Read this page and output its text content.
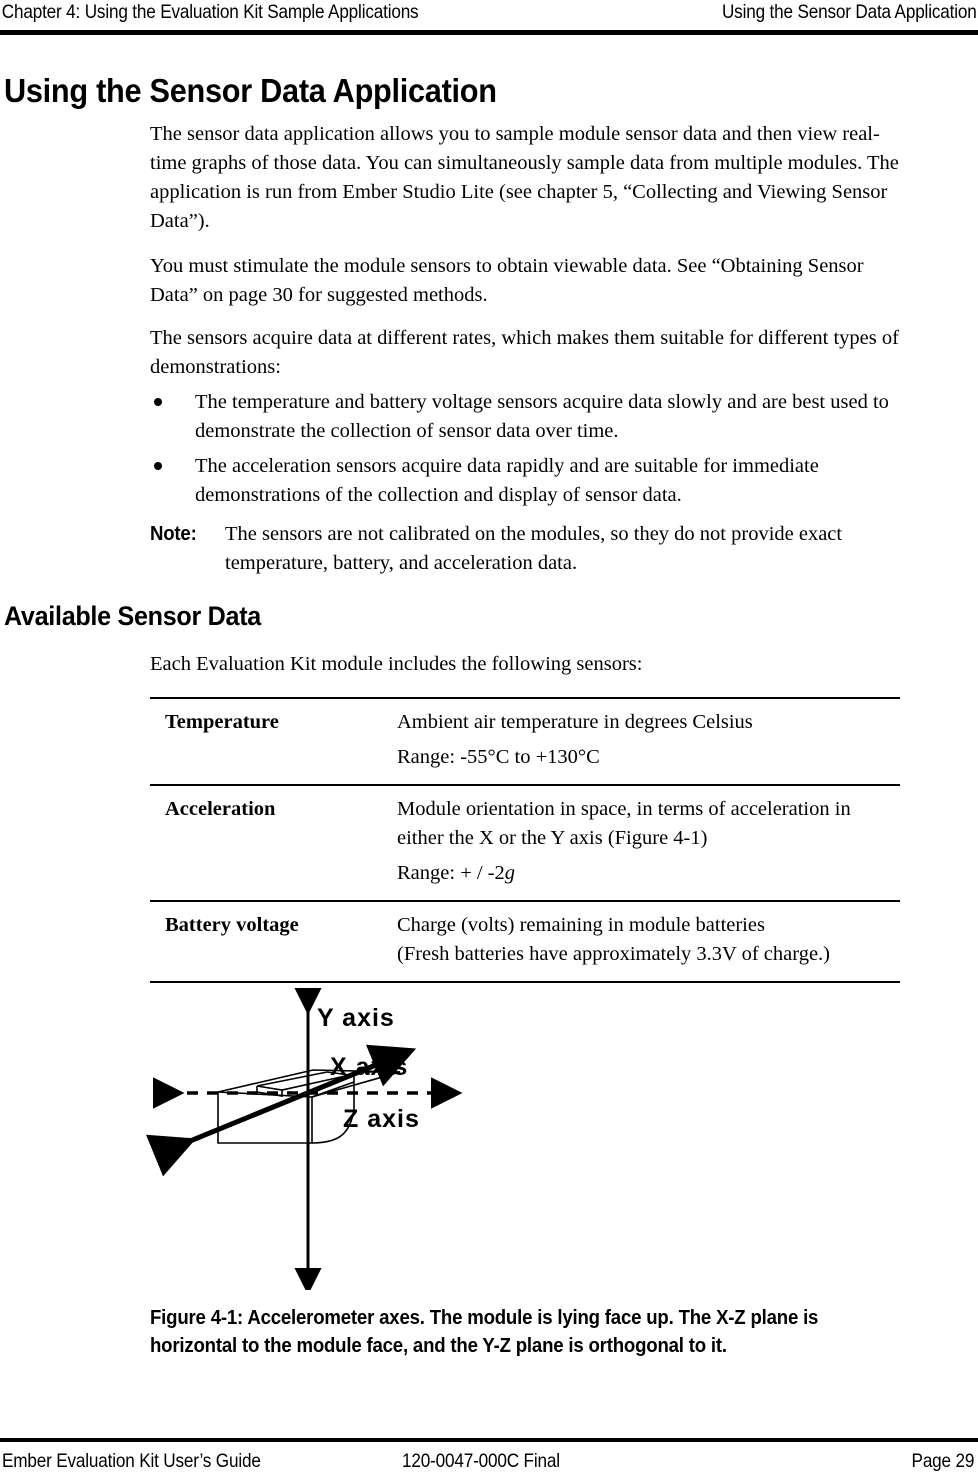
Chapter 4: Using the Evaluation Kit Sample Applications	Using the Sensor Data Application
Using the Sensor Data Application
The sensor data application allows you to sample module sensor data and then view real-time graphs of those data. You can simultaneously sample data from multiple modules. The application is run from Ember Studio Lite (see chapter 5, “Collecting and Viewing Sensor Data”).
You must stimulate the module sensors to obtain viewable data. See “Obtaining Sensor Data” on page 30 for suggested methods.
The sensors acquire data at different rates, which makes them suitable for different types of demonstrations:
The temperature and battery voltage sensors acquire data slowly and are best used to demonstrate the collection of sensor data over time.
The acceleration sensors acquire data rapidly and are suitable for immediate demonstrations of the collection and display of sensor data.
Note: The sensors are not calibrated on the modules, so they do not provide exact temperature, battery, and acceleration data.
Available Sensor Data
Each Evaluation Kit module includes the following sensors:
Temperature	Ambient air temperature in degrees Celsius
Range: -55°C to +130°C

Acceleration	Module orientation in space, in terms of acceleration in either the X or the Y axis (Figure 4-1)
Range: + / -2g

Battery voltage	Charge (volts) remaining in module batteries
(Fresh batteries have approximately 3.3V of charge.)
Y axis
X axis
Z axis
Figure 4-1: Accelerometer axes. The module is lying face up. The X-Z plane is horizontal to the module face, and the Y-Z plane is orthogonal to it.
Ember Evaluation Kit User’s Guide	120-0047-000C Final	Page 29
